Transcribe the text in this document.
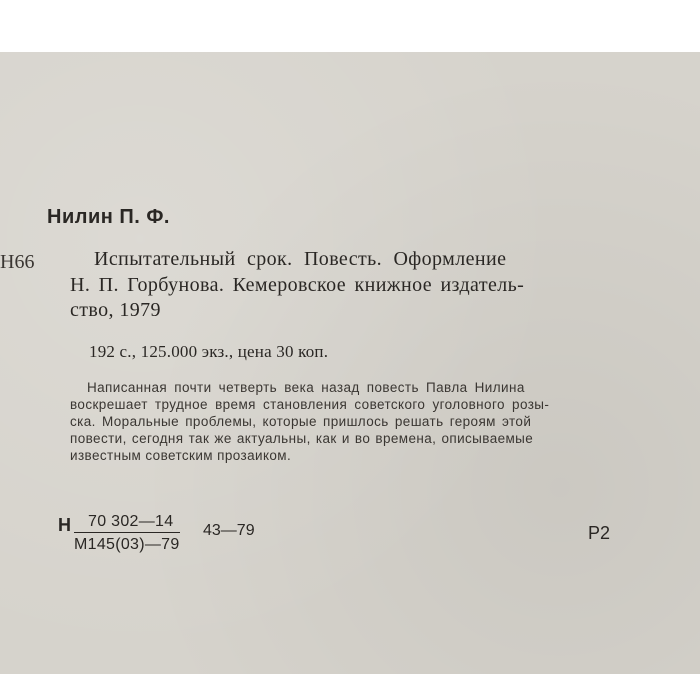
Нилин П. Ф.

Н66	Испытательный срок. Повесть. Оформление

Н. П. Горбунова. Кемеровское книжное издатель-

ство, 1979

192 с., 125.000 экз., цена 30 коп.

Написанная почти четверть века назад повесть Павла Нилина

воскрешает трудное время становления советского уголовного розы-

ска. Моральные проблемы, которые пришлось решать героям этой

повести, сегодня так же актуальны, как и во времена, описываемые

известным советским прозаиком.

Н	70 302—14
М145(03)—79

43—79	Р2
